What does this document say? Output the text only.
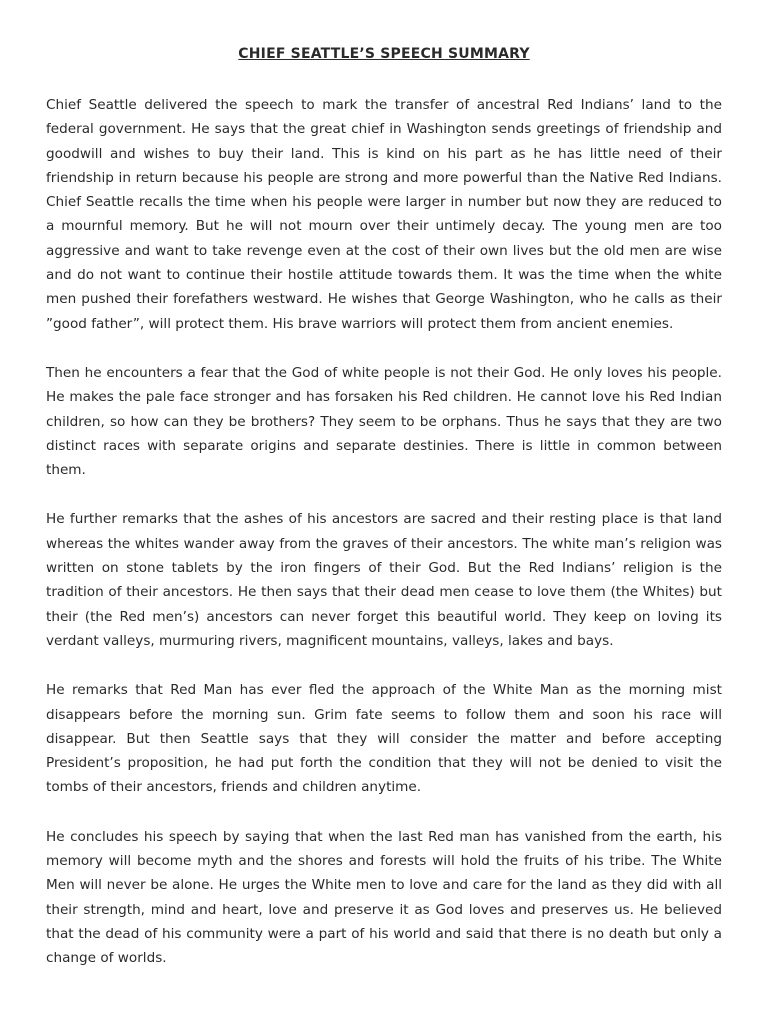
CHIEF SEATTLE’S SPEECH SUMMARY

Chief Seattle delivered the speech to mark the transfer of ancestral Red Indians’ land to the federal government. He says that the great chief in Washington sends greetings of friendship and goodwill and wishes to buy their land. This is kind on his part as he has little need of their friendship in return because his people are strong and more powerful than the Native Red Indians. Chief Seattle recalls the time when his people were larger in number but now they are reduced to a mournful memory. But he will not mourn over their untimely decay. The young men are too aggressive and want to take revenge even at the cost of their own lives but the old men are wise and do not want to continue their hostile attitude towards them. It was the time when the white men pushed their forefathers westward. He wishes that George Washington, who he calls as their ”good father”, will protect them. His brave warriors will protect them from ancient enemies.

Then he encounters a fear that the God of white people is not their God. He only loves his people. He makes the pale face stronger and has forsaken his Red children. He cannot love his Red Indian children, so how can they be brothers? They seem to be orphans. Thus he says that they are two distinct races with separate origins and separate destinies. There is little in common between them.

He further remarks that the ashes of his ancestors are sacred and their resting place is that land whereas the whites wander away from the graves of their ancestors. The white man’s religion was written on stone tablets by the iron fingers of their God. But the Red Indians’ religion is the tradition of their ancestors. He then says that their dead men cease to love them (the Whites) but their (the Red men’s) ancestors can never forget this beautiful world. They keep on loving its verdant valleys, murmuring rivers, magnificent mountains, valleys, lakes and bays.

He remarks that Red Man has ever fled the approach of the White Man as the morning mist disappears before the morning sun. Grim fate seems to follow them and soon his race will disappear. But then Seattle says that they will consider the matter and before accepting President’s proposition, he had put forth the condition that they will not be denied to visit the tombs of their ancestors, friends and children anytime.

He concludes his speech by saying that when the last Red man has vanished from the earth, his memory will become myth and the shores and forests will hold the fruits of his tribe. The White Men will never be alone. He urges the White men to love and care for the land as they did with all their strength, mind and heart, love and preserve it as God loves and preserves us. He believed that the dead of his community were a part of his world and said that there is no death but only a change of worlds.
